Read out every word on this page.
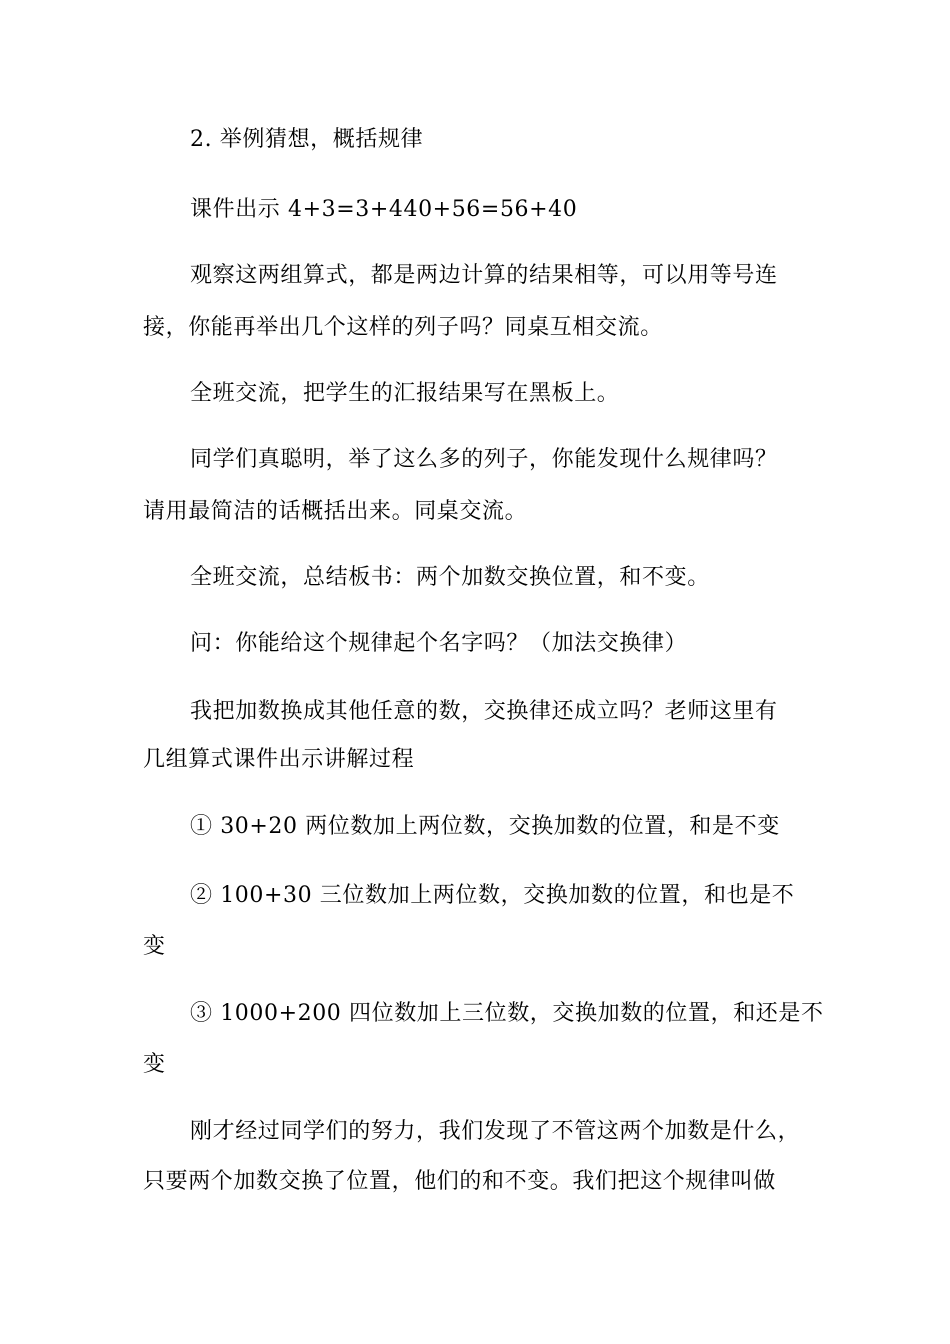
2. 举例猜想，概括规律
课件出示 4+3=3+440+56=56+40
观察这两组算式，都是两边计算的结果相等，可以用等号连
接，你能再举出几个这样的列子吗？同桌互相交流。
全班交流，把学生的汇报结果写在黑板上。
同学们真聪明，举了这么多的列子，你能发现什么规律吗？
请用最简洁的话概括出来。同桌交流。
全班交流，总结板书：两个加数交换位置，和不变。
问：你能给这个规律起个名字吗？（加法交换律）
我把加数换成其他任意的数，交换律还成立吗？老师这里有
几组算式课件出示讲解过程
① 30+20 两位数加上两位数，交换加数的位置，和是不变
② 100+30 三位数加上两位数，交换加数的位置，和也是不
变
③ 1000+200 四位数加上三位数，交换加数的位置，和还是不
变
刚才经过同学们的努力，我们发现了不管这两个加数是什么，
只要两个加数交换了位置，他们的和不变。我们把这个规律叫做
